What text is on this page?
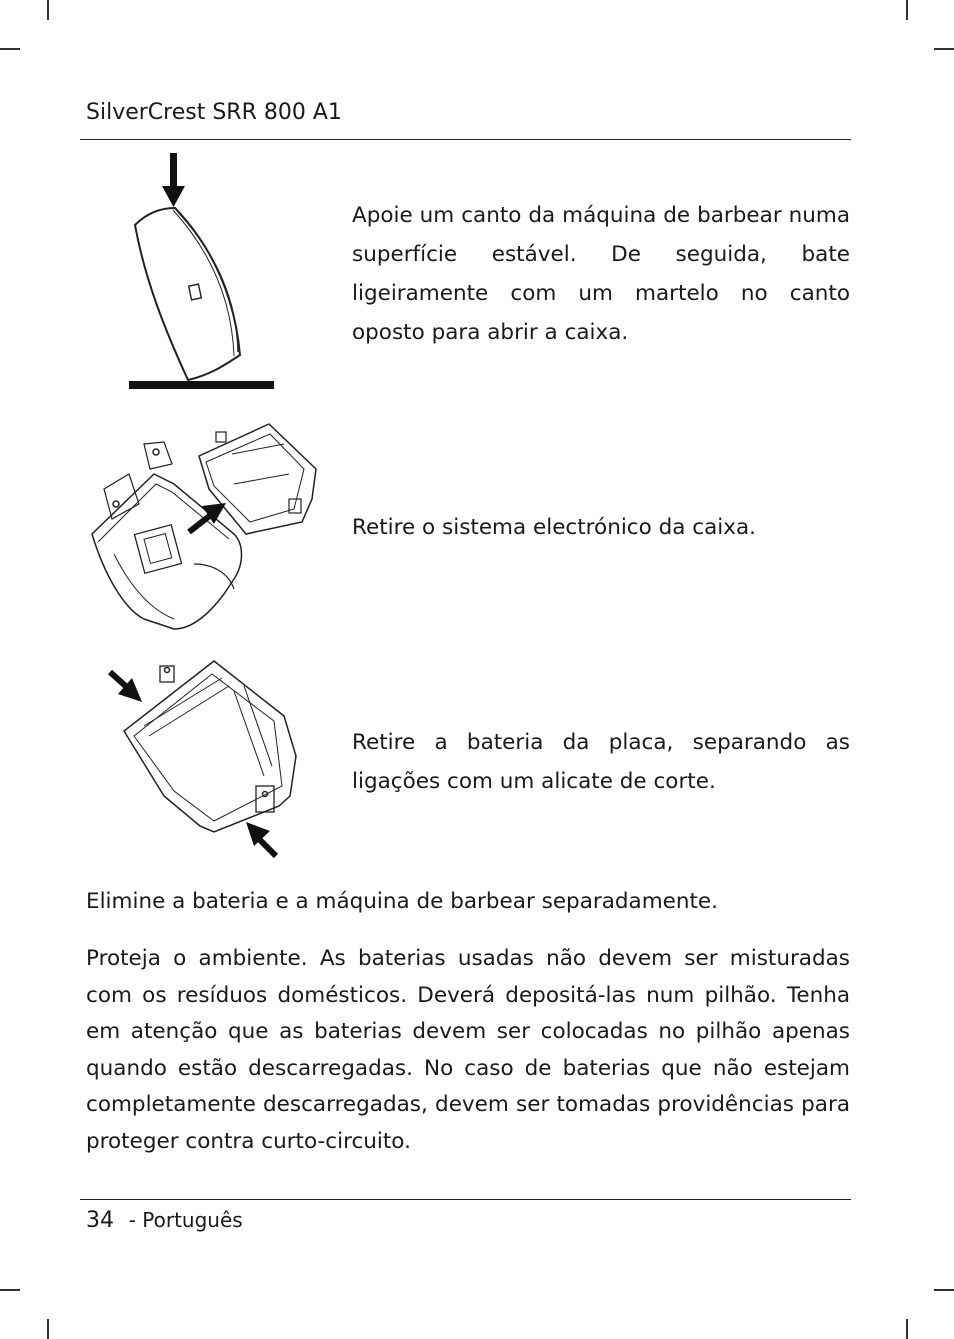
SilverCrest SRR 800 A1
Apoie um canto da máquina de barbear numa superfície estável. De seguida, bate ligeiramente com um martelo no canto oposto para abrir a caixa.
Retire o sistema electrónico da caixa.
Retire a bateria da placa, separando as ligações com um alicate de corte.
Elimine a bateria e a máquina de barbear separadamente.
Proteja o ambiente. As baterias usadas não devem ser misturadas com os resíduos domésticos. Deverá depositá-las num pilhão. Tenha em atenção que as baterias devem ser colocadas no pilhão apenas quando estão descarregadas. No caso de baterias que não estejam completamente descarregadas, devem ser tomadas providências para proteger contra curto-circuito.
34 - Português
